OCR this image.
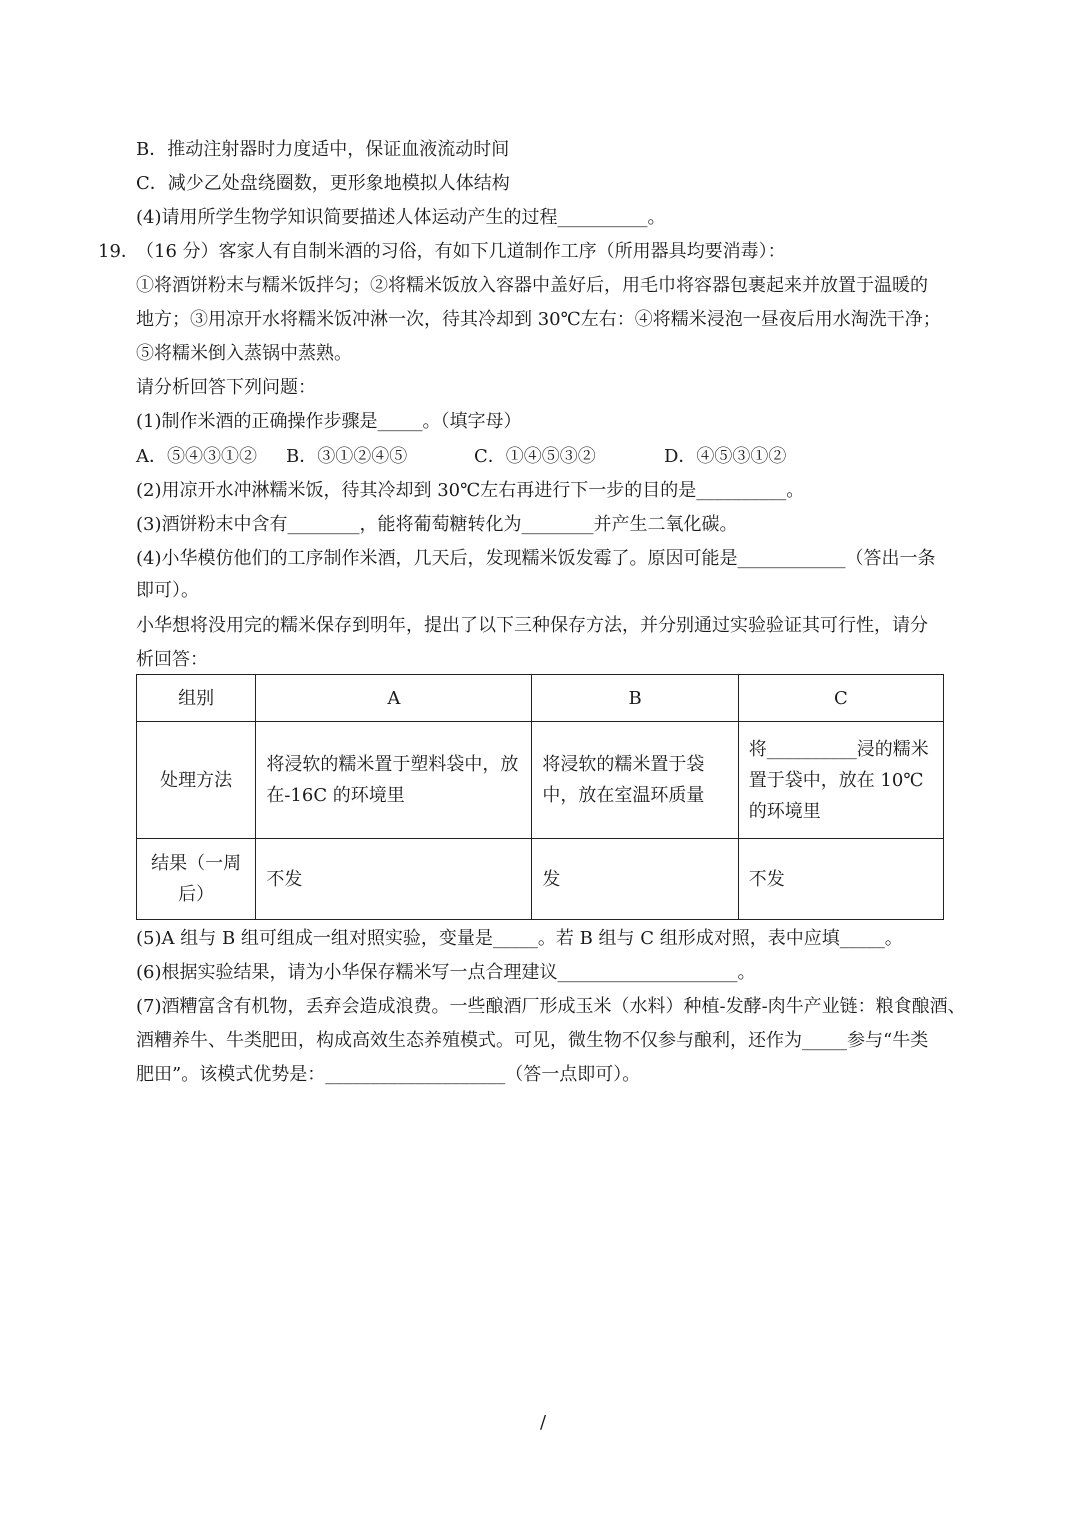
B．推动注射器时力度适中，保证血液流动时间
C．减少乙处盘绕圈数，更形象地模拟人体结构
(4)请用所学生物学知识简要描述人体运动产生的过程__________。
19．
（16 分）客家人有自制米酒的习俗，有如下几道制作工序（所用器具均要消毒）：
①将酒饼粉末与糯米饭拌匀；②将糯米饭放入容器中盖好后，用毛巾将容器包裹起来并放置于温暖的
地方；③用凉开水将糯米饭冲淋一次，待其冷却到 30℃左右：④将糯米浸泡一昼夜后用水淘洗干净；
⑤将糯米倒入蒸锅中蒸熟。
请分析回答下列问题：
(1)制作米酒的正确操作步骤是_____。（填字母）
A．⑤④③①② B．③①②④⑤	C．①④⑤③②	D．④⑤③①②
(2)用凉开水冲淋糯米饭，待其冷却到 30℃左右再进行下一步的目的是__________。
(3)酒饼粉末中含有________，能将葡萄糖转化为________并产生二氧化碳。
(4)小华模仿他们的工序制作米酒，几天后，发现糯米饭发霉了。原因可能是____________（答出一条
即可）。
小华想将没用完的糯米保存到明年，提出了以下三种保存方法，并分别通过实验验证其可行性，请分
析回答：
组别	A	B	C
处理方法	将浸软的糯米置于塑料袋中，放在-16C 的环境里	将浸软的糯米置于袋中，放在室温环质量	将__________浸的糯米置于袋中，放在 10℃的环境里

结果（一周后）	不发	发	不发
(5)A 组与 B 组可组成一组对照实验，变量是_____。若 B 组与 C 组形成对照，表中应填_____。
(6)根据实验结果，请为小华保存糯米写一点合理建议____________________。
(7)酒糟富含有机物，丢弃会造成浪费。一些酿酒厂形成玉米（水料）种植-发酵-肉牛产业链：粮食酿酒、
酒糟养牛、牛类肥田，构成高效生态养殖模式。可见，微生物不仅参与酿利，还作为_____参与“牛类
肥田”。该模式优势是：____________________（答一点即可）。
/
